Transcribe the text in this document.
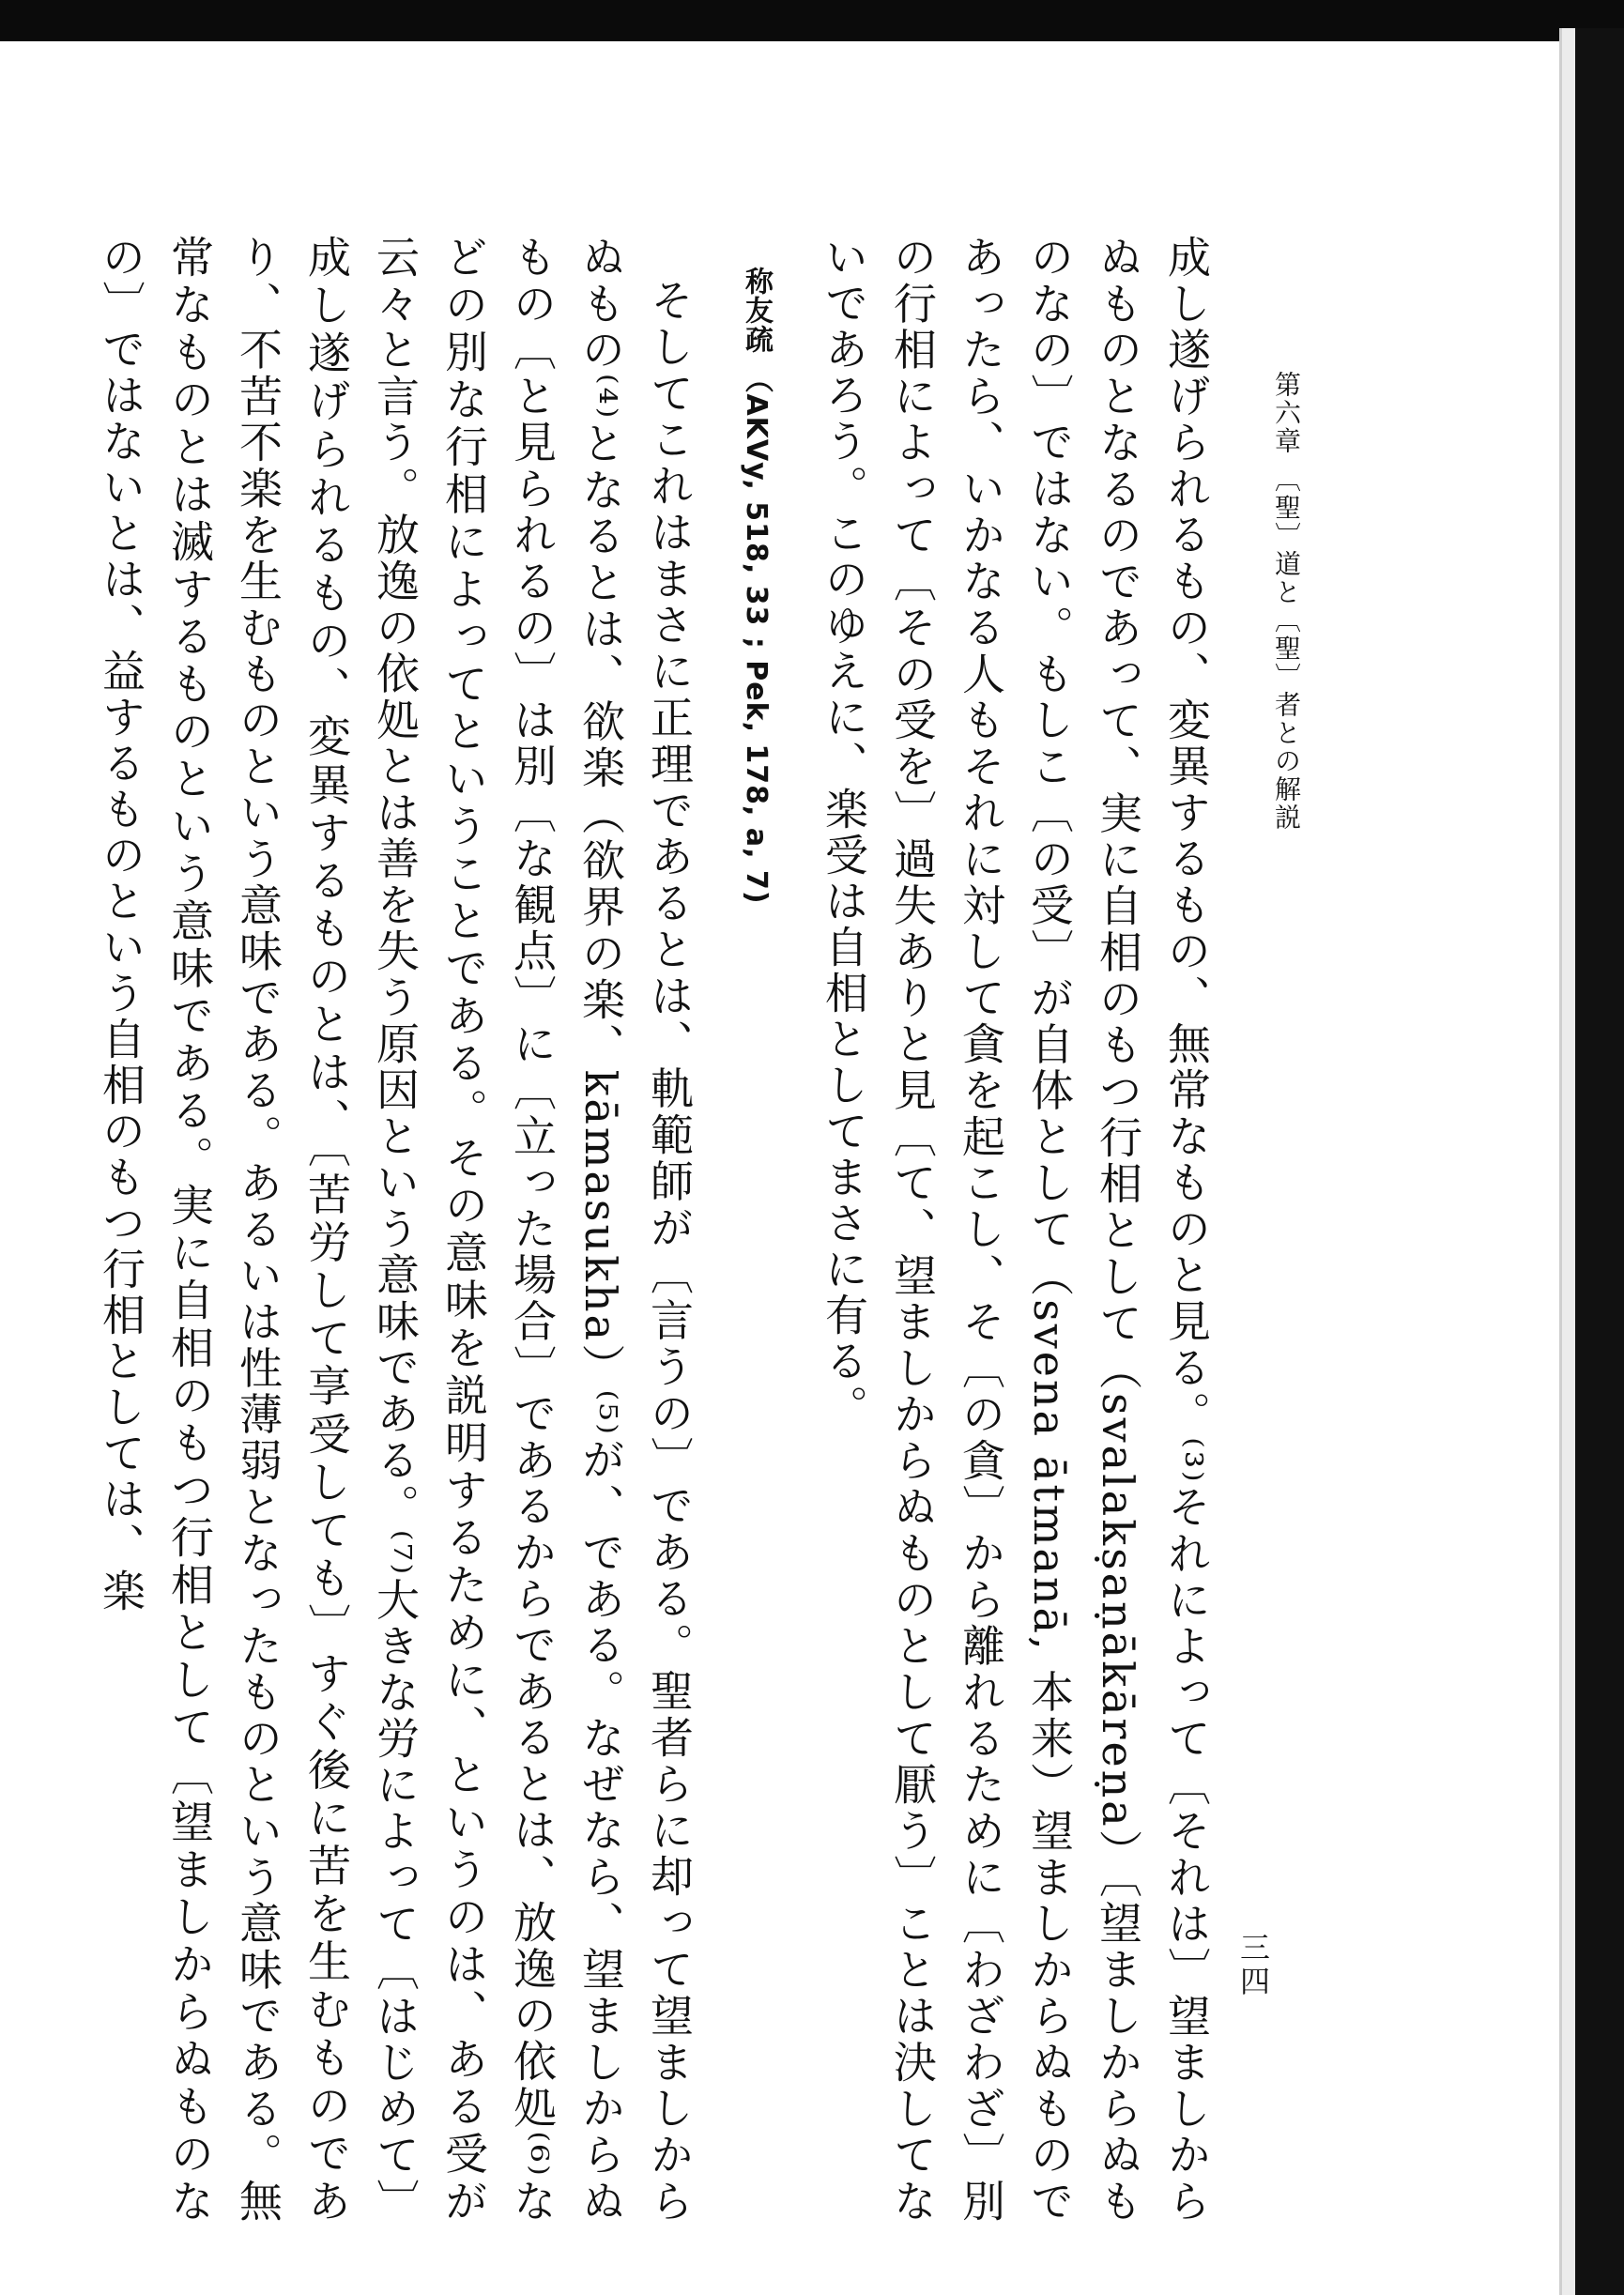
第六章 〔聖〕道と〔聖〕者との解説
三四

成し遂げられるもの、変異するもの、無常なものと見る。⁽³⁾それによって〔それは〕望ましからぬものとなるのであって、実に自相のもつ行相として（svalakṣaṇākāreṇa）〔望ましからぬものなの〕ではない。もしこ〔の受〕が自体として（svena ātmanā, 本来）望ましからぬものであったら、いかなる人もそれに対して貪を起こし、そ〔の貪〕から離れるために〔わざわざ〕別の行相によって〔その受を〕過失ありと見〔て、望ましからぬものとして厭う〕ことは決してないであろう。このゆえに、楽受は自相としてまさに有る。

称友疏 （AKVy, 518, 33 ; Pek, 178, a, 7)

そしてこれはまさに正理であるとは、軌範師が〔言うの〕である。聖者らに却って望ましからぬもの⁽⁴⁾となるとは、欲楽（欲界の楽、kāmasukha）⁽⁵⁾が、である。なぜなら、望ましからぬもの〔と見られるの〕は別〔な観点〕に〔立った場合〕であるからであるとは、放逸の依処⁽⁶⁾などの別な行相によってということである。その意味を説明するために、というのは、ある受が云々と言う。放逸の依処とは善を失う原因という意味である。⁽⁷⁾大きな労によって〔はじめて〕成し遂げられるもの、変異するものとは、〔苦労して享受しても〕すぐ後に苦を生むものであり、不苦不楽を生むものという意味である。あるいは性薄弱となったものという意味である。無常なものとは滅するものという意味である。実に自相のもつ行相として〔望ましからぬものなの〕ではないとは、益するものという自相のもつ行相としては、楽
